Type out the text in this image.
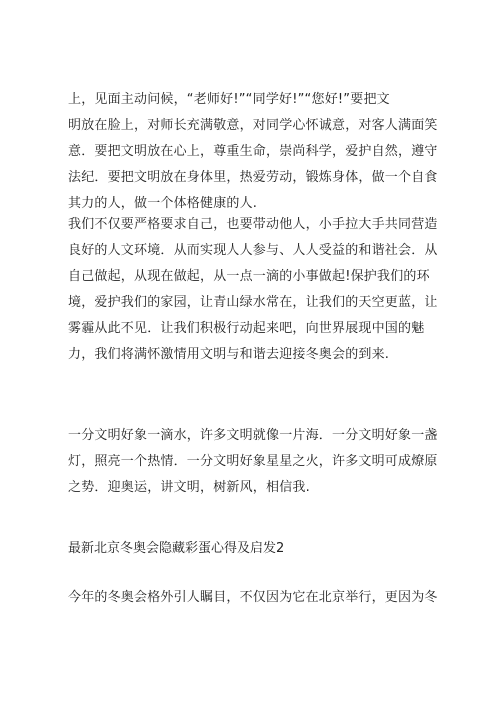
上，见面主动问候，“老师好!”“同学好!”“您好!”要把文
明放在脸上，对师长充满敬意，对同学心怀诚意，对客人满面笑
意．要把文明放在心上，尊重生命，崇尚科学，爱护自然，遵守
法纪．要把文明放在身体里，热爱劳动，锻炼身体，做一个自食
其力的人，做一个体格健康的人.

我们不仅要严格要求自己，也要带动他人，小手拉大手共同营造
良好的人文环境．从而实现人人参与、人人受益的和谐社会．从
自己做起，从现在做起，从一点一滴的小事做起!保护我们的环
境，爱护我们的家园，让青山绿水常在，让我们的天空更蓝，让
雾霾从此不见．让我们积极行动起来吧，向世界展现中国的魅
力，我们将满怀激情用文明与和谐去迎接冬奥会的到来.

一分文明好象一滴水，许多文明就像一片海．一分文明好象一盏
灯，照亮一个热情．一分文明好象星星之火，许多文明可成燎原
之势．迎奥运，讲文明，树新风，相信我.

最新北京冬奥会隐藏彩蛋心得及启发2

今年的冬奥会格外引人瞩目，不仅因为它在北京举行，更因为冬
